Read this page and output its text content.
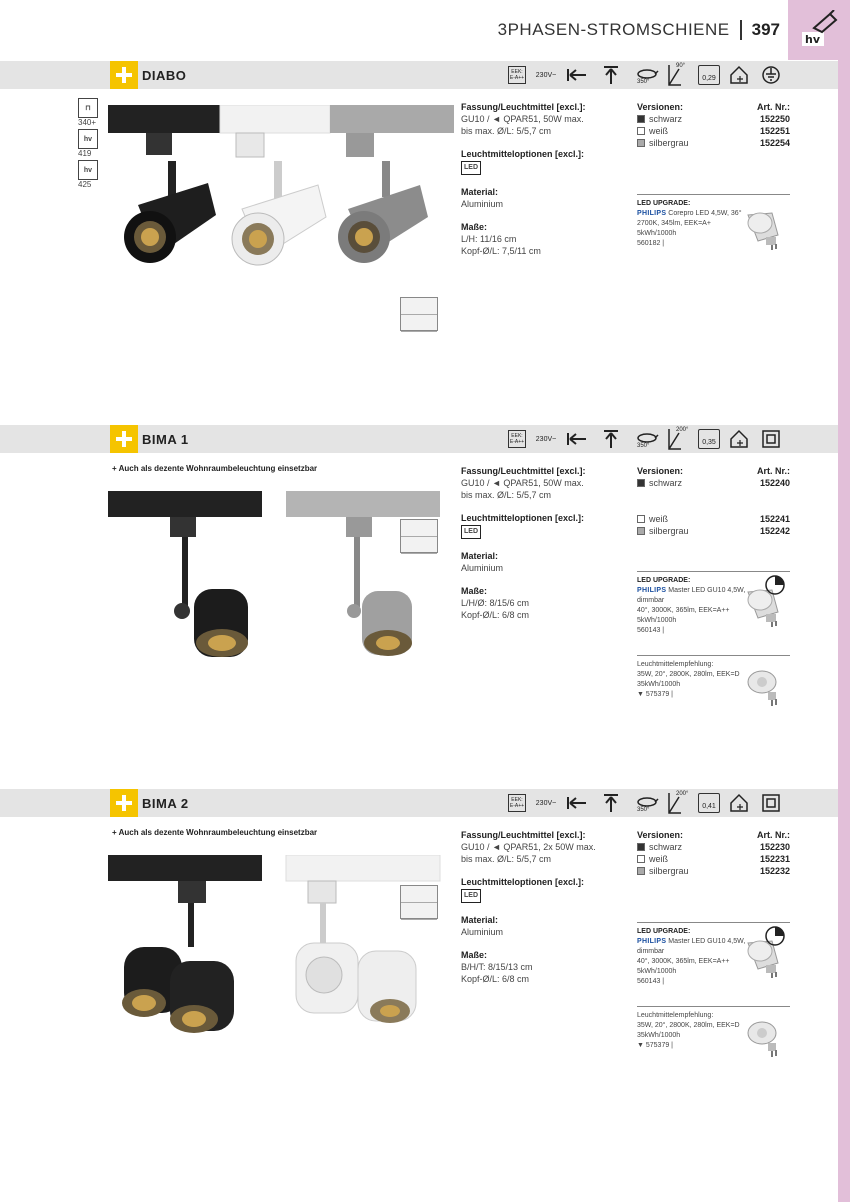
hv
3PHASEN-STROMSCHIENE 397
⊓
340+
hv
419
hv
425
DIABO	EEK:
E-A++	230V~
350°
90°
0,29
Fassung/Leuchtmittel [excl.]:
GU10 / ◄ QPAR51, 50W max.
bis max. Ø/L: 5/5,7 cm
Leuchtmitteloptionen [excl.]:
LED
Material:
Aluminium
Maße:
L/H: 11/16 cm
Kopf-Ø/L: 7,5/11 cm
Versionen:	Art. Nr.:
schwarz	152250
weiß	152251
silbergrau	152254
LED UPGRADE:
PHILIPS Corepro LED 4,5W, 36°
2700K, 345lm, EEK=A+
5kWh/1000h
560182 |
BIMA 1	EEK:
E-A++	230V~
350°
200°
0,35
+ Auch als dezente Wohnraumbeleuchtung einsetzbar	Fassung/Leuchtmittel [excl.]:
GU10 / ◄ QPAR51, 50W max.
bis max. Ø/L: 5/5,7 cm
Leuchtmitteloptionen [excl.]:
LED
Material:
Aluminium
Maße:
L/H/Ø: 8/15/6 cm
Kopf-Ø/L: 6/8 cm
Versionen:	Art. Nr.:
schwarz	152240
weiß	152241
silbergrau	152242
LED UPGRADE:
PHILIPS Master LED GU10 4,5W,
dimmbar
40°, 3000K, 365lm, EEK=A++
5kWh/1000h
560143 |
Leuchtmittelempfehlung:
35W, 20°, 2800K, 280lm, EEK=D
35kWh/1000h
▼ 575379 |
BIMA 2	EEK:
E-A++	230V~
350°
200°
0,41
+ Auch als dezente Wohnraumbeleuchtung einsetzbar	Fassung/Leuchtmittel [excl.]:
GU10 / ◄ QPAR51, 2x 50W max.
bis max. Ø/L: 5/5,7 cm
Leuchtmitteloptionen [excl.]:
LED
Material:
Aluminium
Maße:
B/H/T: 8/15/13 cm
Kopf-Ø/L: 6/8 cm
Versionen:	Art. Nr.:
schwarz	152230
weiß	152231
silbergrau	152232
LED UPGRADE:
PHILIPS Master LED GU10 4,5W,
dimmbar
40°, 3000K, 365lm, EEK=A++
5kWh/1000h
560143 |
Leuchtmittelempfehlung:
35W, 20°, 2800K, 280lm, EEK=D
35kWh/1000h
▼ 575379 |
